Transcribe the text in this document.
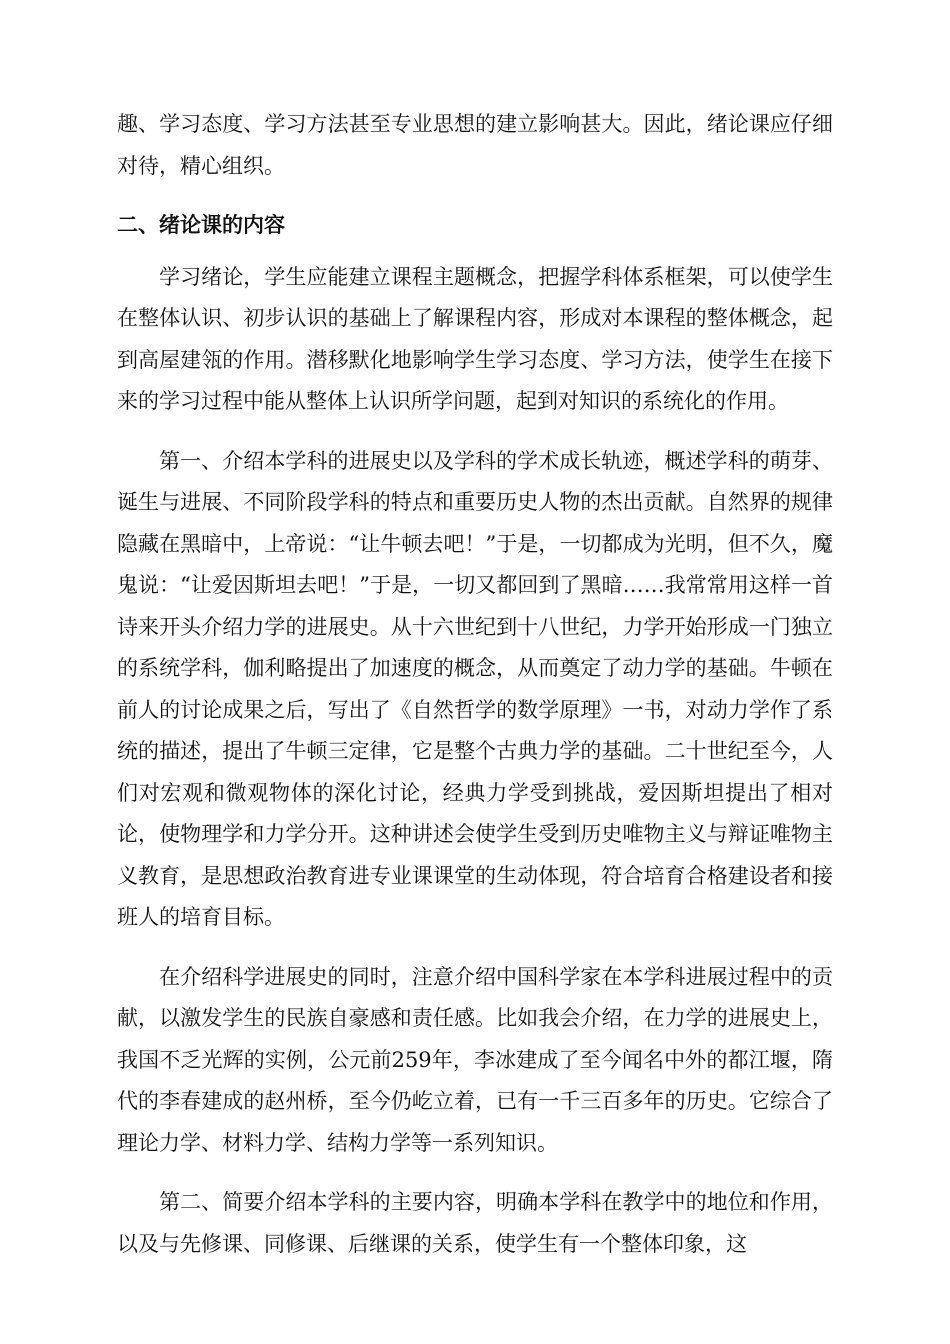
趣、学习态度、学习方法甚至专业思想的建立影响甚大。因此，绪论课应仔细对待，精心组织。

二、绪论课的内容

学习绪论，学生应能建立课程主题概念，把握学科体系框架，可以使学生在整体认识、初步认识的基础上了解课程内容，形成对本课程的整体概念，起到高屋建瓴的作用。潜移默化地影响学生学习态度、学习方法，使学生在接下来的学习过程中能从整体上认识所学问题，起到对知识的系统化的作用。

第一、介绍本学科的进展史以及学科的学术成长轨迹，概述学科的萌芽、诞生与进展、不同阶段学科的特点和重要历史人物的杰出贡献。自然界的规律隐藏在黑暗中，上帝说：“让牛顿去吧！”于是，一切都成为光明，但不久，魔鬼说：“让爱因斯坦去吧！”于是，一切又都回到了黑暗……我常常用这样一首诗来开头介绍力学的进展史。从十六世纪到十八世纪，力学开始形成一门独立的系统学科，伽利略提出了加速度的概念，从而奠定了动力学的基础。牛顿在前人的讨论成果之后，写出了《自然哲学的数学原理》一书，对动力学作了系统的描述，提出了牛顿三定律，它是整个古典力学的基础。二十世纪至今，人们对宏观和微观物体的深化讨论，经典力学受到挑战，爱因斯坦提出了相对论，使物理学和力学分开。这种讲述会使学生受到历史唯物主义与辩证唯物主义教育，是思想政治教育进专业课课堂的生动体现，符合培育合格建设者和接班人的培育目标。

在介绍科学进展史的同时，注意介绍中国科学家在本学科进展过程中的贡献，以激发学生的民族自豪感和责任感。比如我会介绍，在力学的进展史上，我国不乏光辉的实例，公元前259年，李冰建成了至今闻名中外的都江堰，隋代的李春建成的赵州桥，至今仍屹立着，已有一千三百多年的历史。它综合了理论力学、材料力学、结构力学等一系列知识。

第二、简要介绍本学科的主要内容，明确本学科在教学中的地位和作用，以及与先修课、同修课、后继课的关系，使学生有一个整体印象，这
